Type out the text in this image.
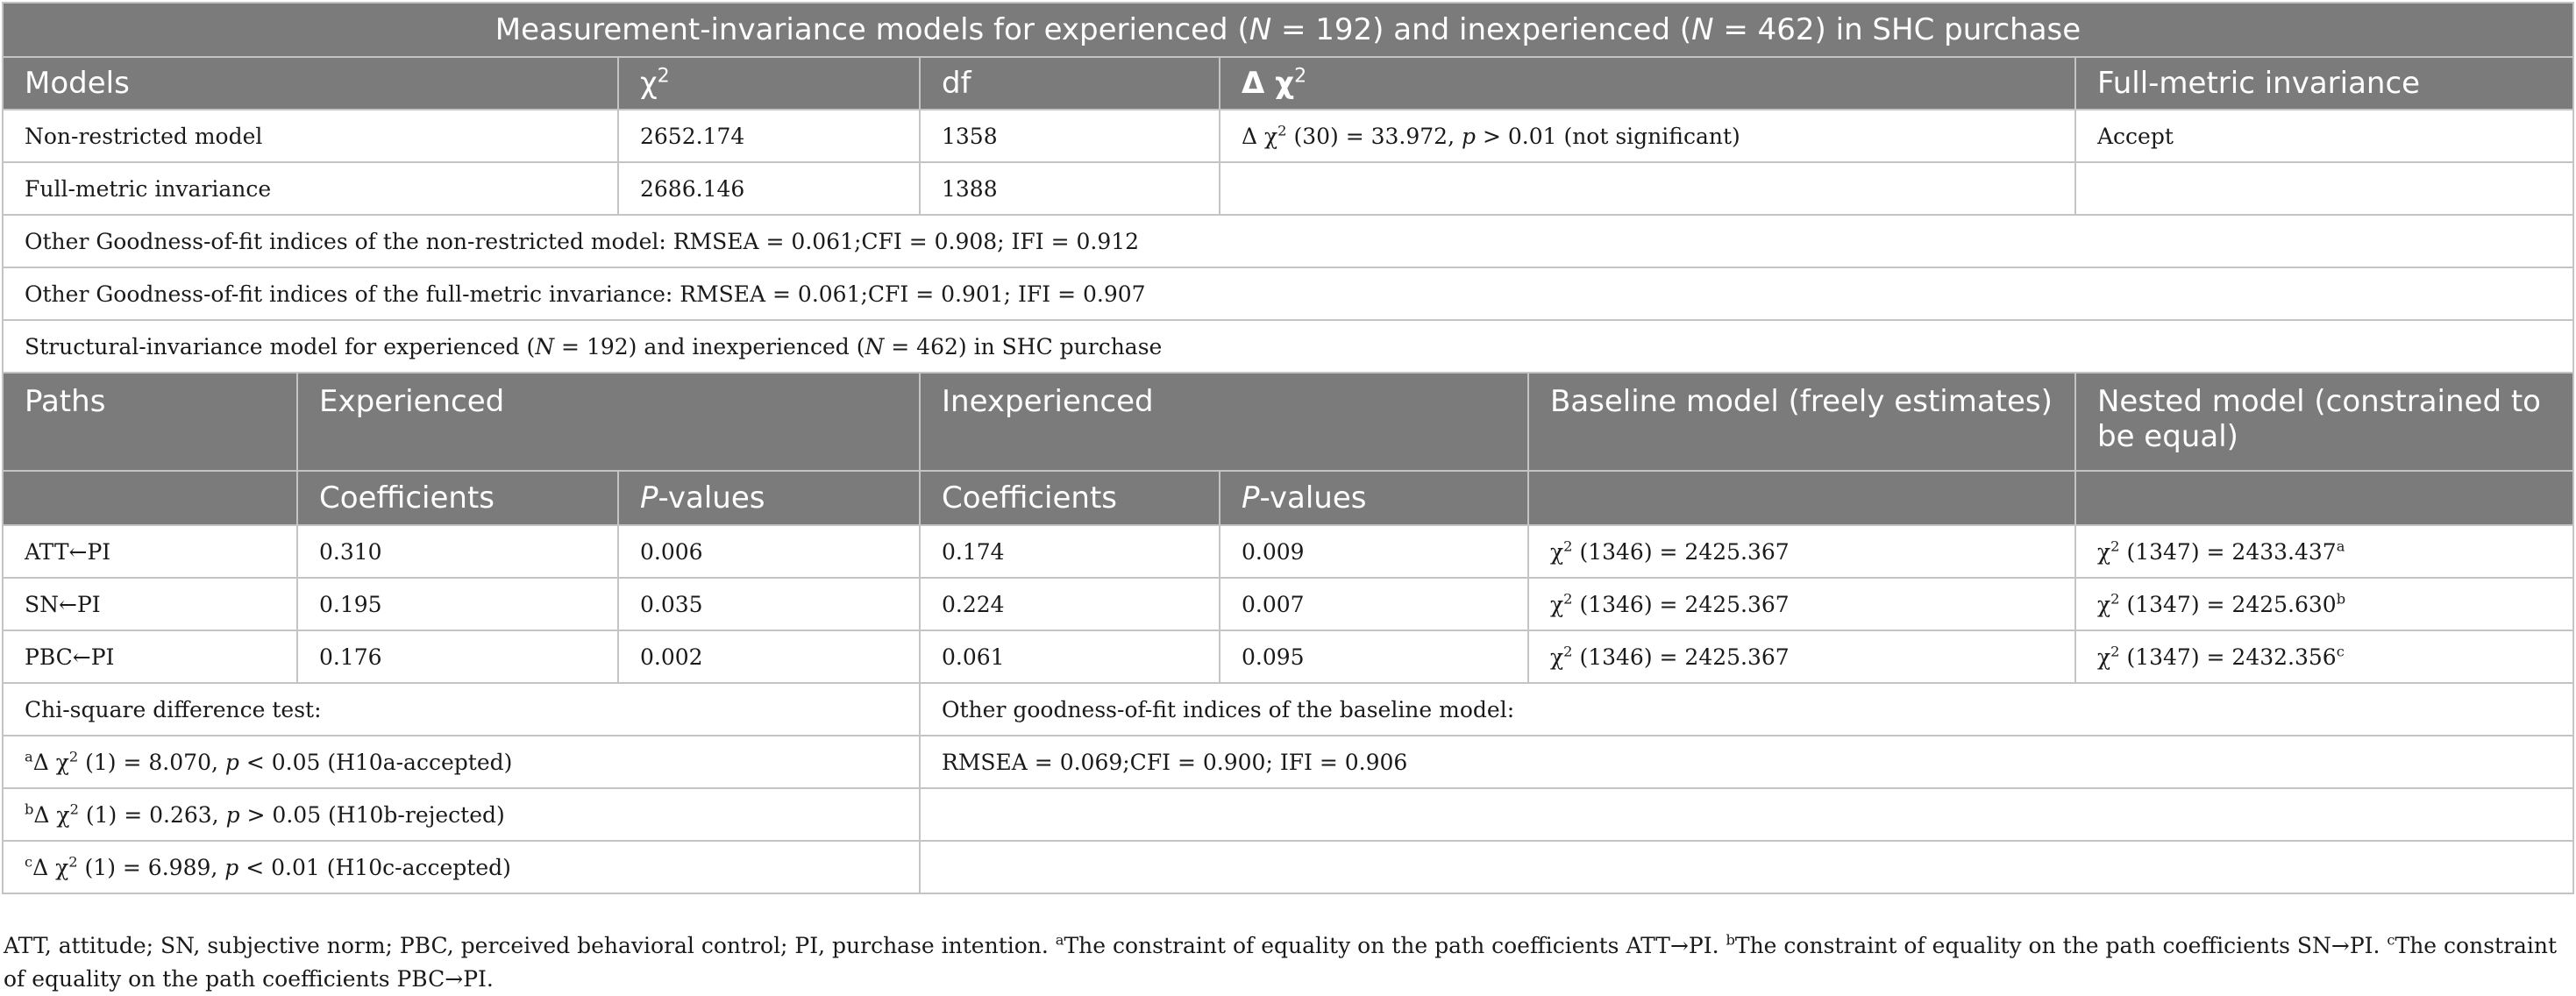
Measurement-invariance models for experienced (N = 192) and inexperienced (N = 462) in SHC purchase						
Models		$\chi^2$	df	Δ $\chi^2$		Full-metric invariance
Non-restricted model		2652.174	1358	Δ $\chi^2$ (30) = 33.972, p > 0.01 (not significant)		Accept
Full-metric invariance		2686.146	1388			
Other Goodness-of-fit indices of the non-restricted model: RMSEA = 0.061;CFI = 0.908; IFI = 0.912						
Other Goodness-of-fit indices of the full-metric invariance: RMSEA = 0.061;CFI = 0.901; IFI = 0.907						
Structural-invariance model for experienced (N = 192) and inexperienced (N = 462) in SHC purchase						
Paths	Experienced		Inexperienced		Baseline model (freely estimates)	Nested model (constrained to be equal)
	Coefficients	P-values	Coefficients	P-values		
ATT←PI	0.310	0.006	0.174	0.009	$\chi^2$ (1346) = 2425.367	$\chi^2$ (1347) = 2433.437$^a$
SN←PI	0.195	0.035	0.224	0.007	$\chi^2$ (1346) = 2425.367	$\chi^2$ (1347) = 2425.630$^b$
PBC←PI	0.176	0.002	0.061	0.095	$\chi^2$ (1346) = 2425.367	$\chi^2$ (1347) = 2432.356$^c$
Chi-square difference test:			Other goodness-of-fit indices of the baseline model:			
$^a$Δ $\chi^2$ (1) = 8.070, p < 0.05 (H10a-accepted)			RMSEA = 0.069;CFI = 0.900; IFI = 0.906			
$^b$Δ $\chi^2$ (1) = 0.263, p > 0.05 (H10b-rejected)						
$^c$Δ $\chi^2$ (1) = 6.989, p < 0.01 (H10c-accepted)						
ATT, attitude; SN, subjective norm; PBC, perceived behavioral control; PI, purchase intention. $^a$The constraint of equality on the path coefficients ATT→PI. $^b$The constraint of equality on the path coefficients SN→PI. $^c$The constraint of equality on the path coefficients PBC→PI.
